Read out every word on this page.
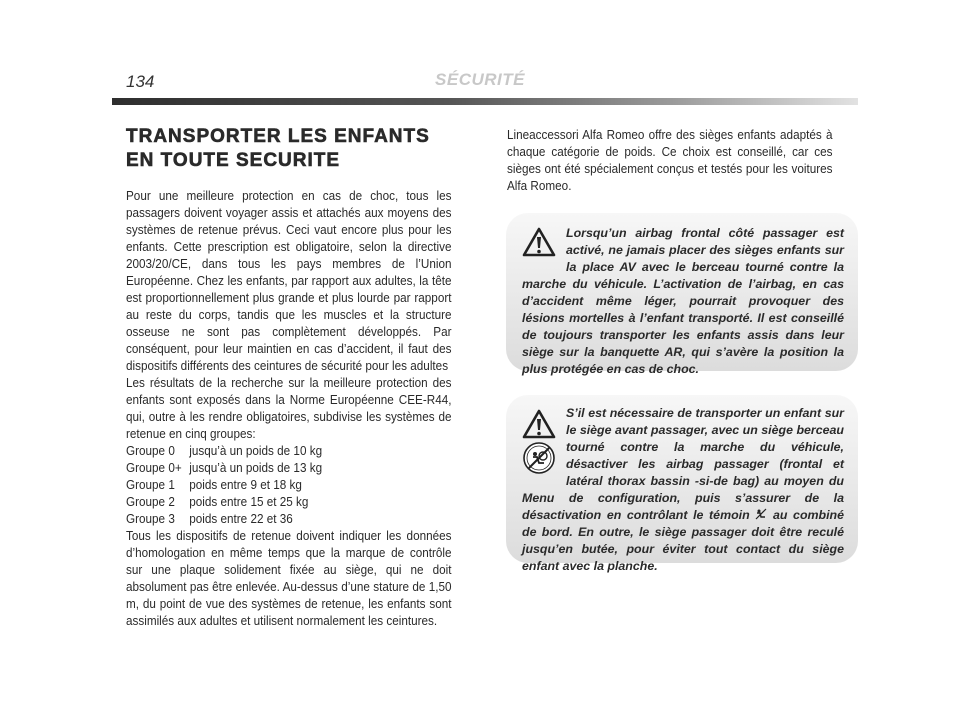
134	SÉCURITÉ
TRANSPORTER LES ENFANTS
EN TOUTE SECURITE

Pour une meilleure protection en cas de choc, tous les passagers doivent voyager assis et attachés aux moyens des systèmes de retenue prévus. Ceci vaut encore plus pour les enfants. Cette prescription est obligatoire, selon la directive 2003/20/CE, dans tous les pays membres de l’Union Européenne. Chez les enfants, par rapport aux adultes, la tête est proportionnellement plus grande et plus lourde par rapport au reste du corps, tandis que les muscles et la structure osseuse ne sont pas complètement développés. Par conséquent, pour leur maintien en cas d’accident, il faut des dispositifs différents des ceintures de sécurité pour les adultes

Les résultats de la recherche sur la meilleure protection des enfants sont exposés dans la Norme Européenne CEE-R44, qui, outre à les rendre obligatoires, subdivise les systèmes de retenue en cinq groupes:

Groupe 0	jusqu’à un poids de 10 kg
Groupe 0+ jusqu’à un poids de 13 kg
Groupe 1	poids entre 9 et 18 kg
Groupe 2	poids entre 15 et 25 kg
Groupe 3	poids entre 22 et 36

Tous les dispositifs de retenue doivent indiquer les données d’homologation en même temps que la marque de contrôle sur une plaque solidement fixée au siège, qui ne doit absolument pas être enlevée. Au-dessus d’une stature de 1,50 m, du point de vue des systèmes de retenue, les enfants sont assimilés aux adultes et utilisent normalement les ceintures.

Lineaccessori Alfa Romeo offre des sièges enfants adaptés à chaque catégorie de poids. Ce choix est conseillé, car ces sièges ont été spécialement conçus et testés pour les voitures Alfa Romeo.

Lorsqu’un airbag frontal côté passager est activé, ne jamais placer des sièges enfants sur la place AV avec le berceau tourné contre la marche du véhicule. L’activation de l’airbag, en cas d’accident même léger, pourrait provoquer des lésions mortelles à l’enfant transporté. Il est conseillé de toujours transporter les enfants assis dans leur siège sur la banquette AR, qui s’avère la position la plus protégée en cas de choc.

S’il est nécessaire de transporter un enfant sur le siège avant passager, avec un siège berceau tourné contre la marche du véhicule, désactiver les airbag passager (frontal et latéral thorax bassin -si-de bag) au moyen du Menu de configuration, puis s’assurer de la désactivation en contrôlant le témoin au combiné de bord. En outre, le siège passager doit être reculé jusqu’en butée, pour éviter tout contact du siège enfant avec la planche.
